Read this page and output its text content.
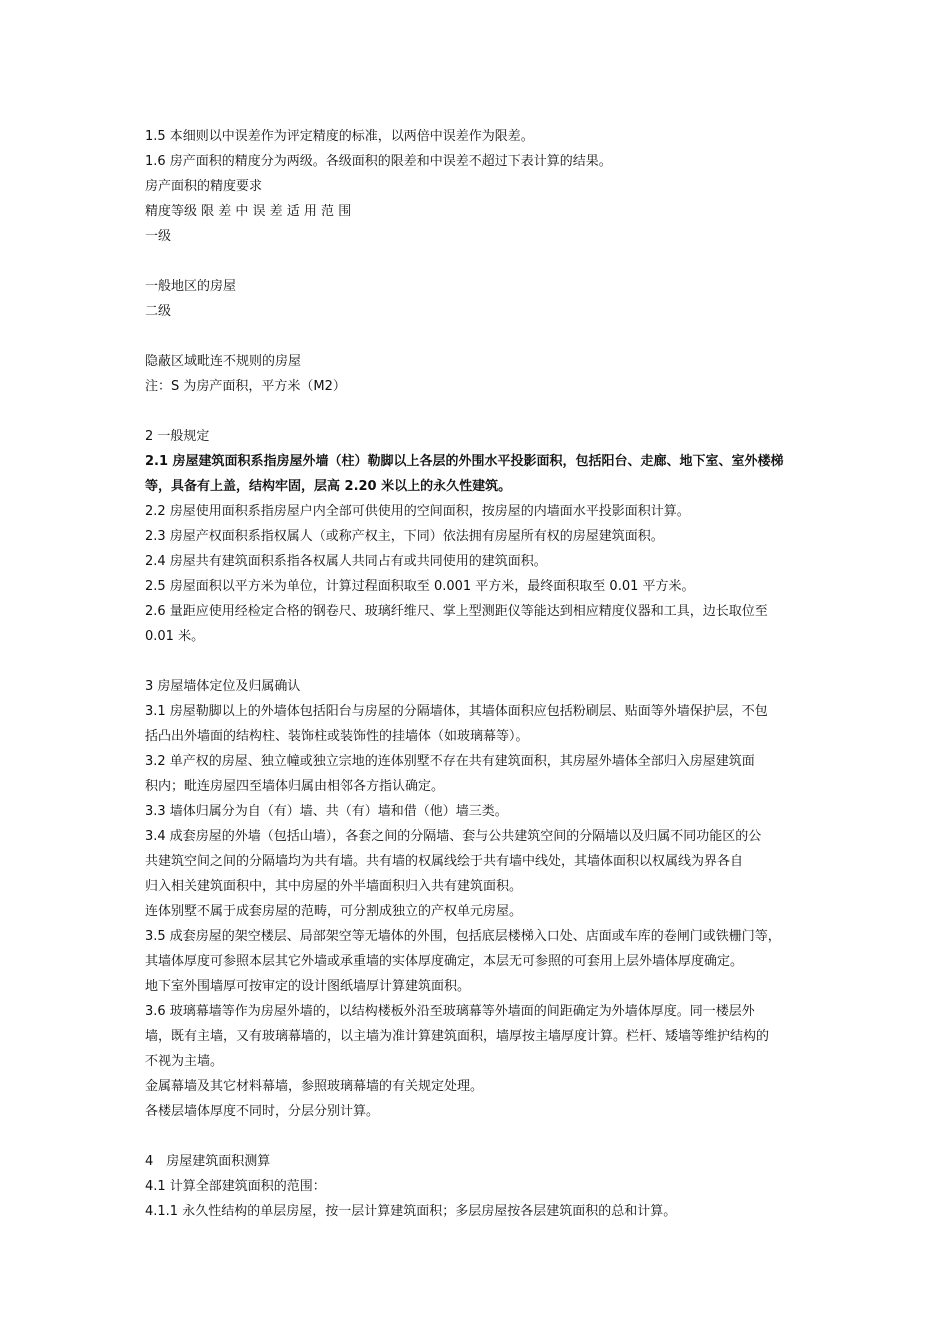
1.5 本细则以中误差作为评定精度的标准，以两倍中误差作为限差。
1.6 房产面积的精度分为两级。各级面积的限差和中误差不超过下表计算的结果。
房产面积的精度要求
精度等级 限 差 中 误 差 适 用 范 围
一级
一般地区的房屋
二级
隐蔽区域毗连不规则的房屋
注：S 为房产面积，平方米（M2）
2 一般规定
2.1 房屋建筑面积系指房屋外墙（柱）勒脚以上各层的外围水平投影面积，包括阳台、走廊、地下室、室外楼梯
等，具备有上盖，结构牢固，层高 2.20 米以上的永久性建筑。
2.2 房屋使用面积系指房屋户内全部可供使用的空间面积，按房屋的内墙面水平投影面积计算。
2.3 房屋产权面积系指权属人（或称产权主，下同）依法拥有房屋所有权的房屋建筑面积。
2.4 房屋共有建筑面积系指各权属人共同占有或共同使用的建筑面积。
2.5 房屋面积以平方米为单位，计算过程面积取至 0.001 平方米，最终面积取至 0.01 平方米。
2.6 量距应使用经检定合格的钢卷尺、玻璃纤维尺、掌上型测距仪等能达到相应精度仪器和工具，边长取位至
0.01 米。
3 房屋墙体定位及归属确认
3.1 房屋勒脚以上的外墙体包括阳台与房屋的分隔墙体，其墙体面积应包括粉刷层、贴面等外墙保护层，不包
括凸出外墙面的结构柱、装饰柱或装饰性的挂墙体（如玻璃幕等）。
3.2 单产权的房屋、独立幢或独立宗地的连体别墅不存在共有建筑面积，其房屋外墙体全部归入房屋建筑面
积内；毗连房屋四至墙体归属由相邻各方指认确定。
3.3 墙体归属分为自（有）墙、共（有）墙和借（他）墙三类。
3.4 成套房屋的外墙（包括山墙），各套之间的分隔墙、套与公共建筑空间的分隔墙以及归属不同功能区的公
共建筑空间之间的分隔墙均为共有墙。共有墙的权属线绘于共有墙中线处，其墙体面积以权属线为界各自
归入相关建筑面积中，其中房屋的外半墙面积归入共有建筑面积。
连体别墅不属于成套房屋的范畴，可分割成独立的产权单元房屋。
3.5 成套房屋的架空楼层、局部架空等无墙体的外围，包括底层楼梯入口处、店面或车库的卷闸门或铁栅门等，
其墙体厚度可参照本层其它外墙或承重墙的实体厚度确定，本层无可参照的可套用上层外墙体厚度确定。
地下室外围墙厚可按审定的设计图纸墙厚计算建筑面积。
3.6 玻璃幕墙等作为房屋外墙的，以结构楼板外沿至玻璃幕等外墙面的间距确定为外墙体厚度。同一楼层外
墙，既有主墙，又有玻璃幕墙的，以主墙为准计算建筑面积，墙厚按主墙厚度计算。栏杆、矮墙等维护结构的
不视为主墙。
金属幕墙及其它材料幕墙，参照玻璃幕墙的有关规定处理。
各楼层墙体厚度不同时，分层分别计算。
4　房屋建筑面积测算
4.1 计算全部建筑面积的范围：
4.1.1 永久性结构的单层房屋，按一层计算建筑面积；多层房屋按各层建筑面积的总和计算。
